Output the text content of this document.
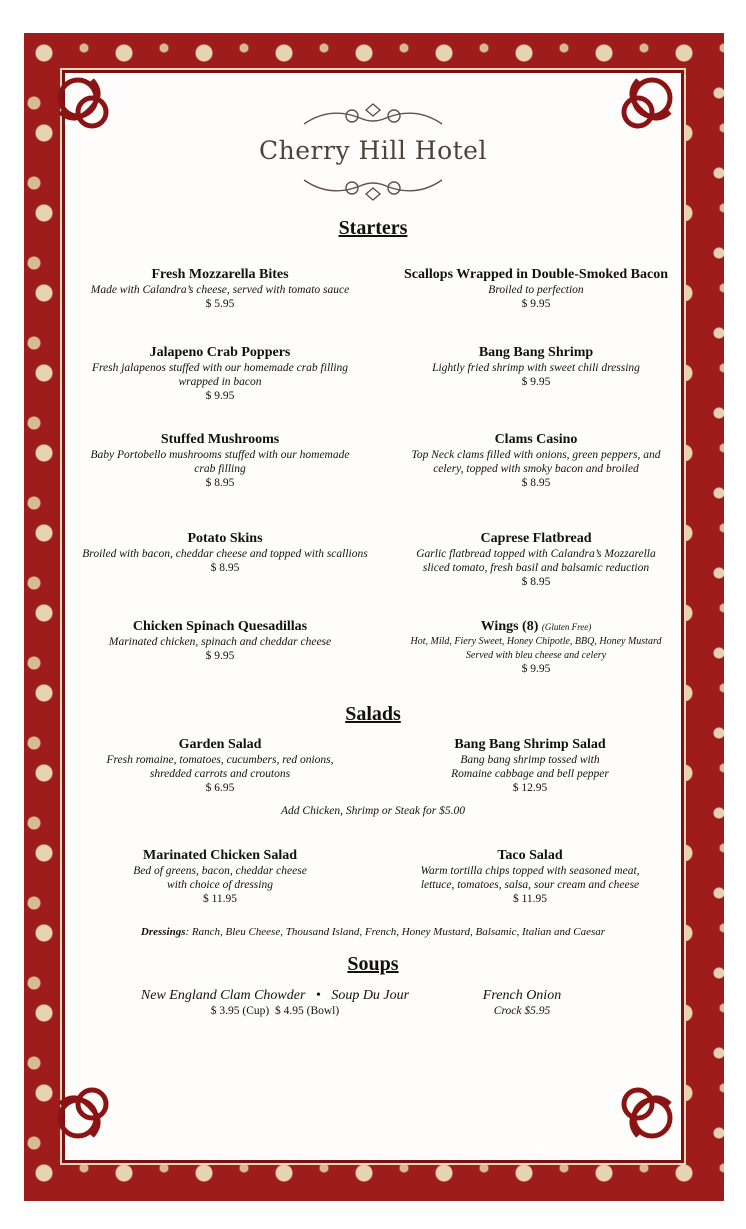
Cherry Hill Hotel
Starters
Fresh Mozzarella Bites
Made with Calandra’s cheese, served with tomato sauce
$ 5.95
Scallops Wrapped in Double-Smoked Bacon
Broiled to perfection
$ 9.95
Jalapeno Crab Poppers
Fresh jalapenos stuffed with our homemade crab filling
wrapped in bacon
$ 9.95
Bang Bang Shrimp
Lightly fried shrimp with sweet chili dressing
$ 9.95
Stuffed Mushrooms
Baby Portobello mushrooms stuffed with our homemade
crab filling
$ 8.95
Clams Casino
Top Neck clams filled with onions, green peppers, and
celery, topped with smoky bacon and broiled
$ 8.95
Potato Skins
Broiled with bacon, cheddar cheese and topped with scallions
$ 8.95
Caprese Flatbread
Garlic flatbread topped with Calandra’s Mozzarella
sliced tomato, fresh basil and balsamic reduction
$ 8.95
Chicken Spinach Quesadillas
Marinated chicken, spinach and cheddar cheese
$ 9.95
Wings (8) (Gluten Free)
Hot, Mild, Fiery Sweet, Honey Chipotle, BBQ, Honey Mustard
Served with bleu cheese and celery
$ 9.95
Salads
Garden Salad
Fresh romaine, tomatoes, cucumbers, red onions,
shredded carrots and croutons
$ 6.95
Bang Bang Shrimp Salad
Bang bang shrimp tossed with
Romaine cabbage and bell pepper
$ 12.95
Add Chicken, Shrimp or Steak for $5.00
Marinated Chicken Salad
Bed of greens, bacon, cheddar cheese
with choice of dressing
$ 11.95
Taco Salad
Warm tortilla chips topped with seasoned meat,
lettuce, tomatoes, salsa, sour cream and cheese
$ 11.95
Dressings: Ranch, Bleu Cheese, Thousand Island, French, Honey Mustard, Balsamic, Italian and Caesar
Soups
New England Clam Chowder   •   Soup Du Jour
$ 3.95 (Cup)  $ 4.95 (Bowl)
French Onion
Crock $5.95
menupix
